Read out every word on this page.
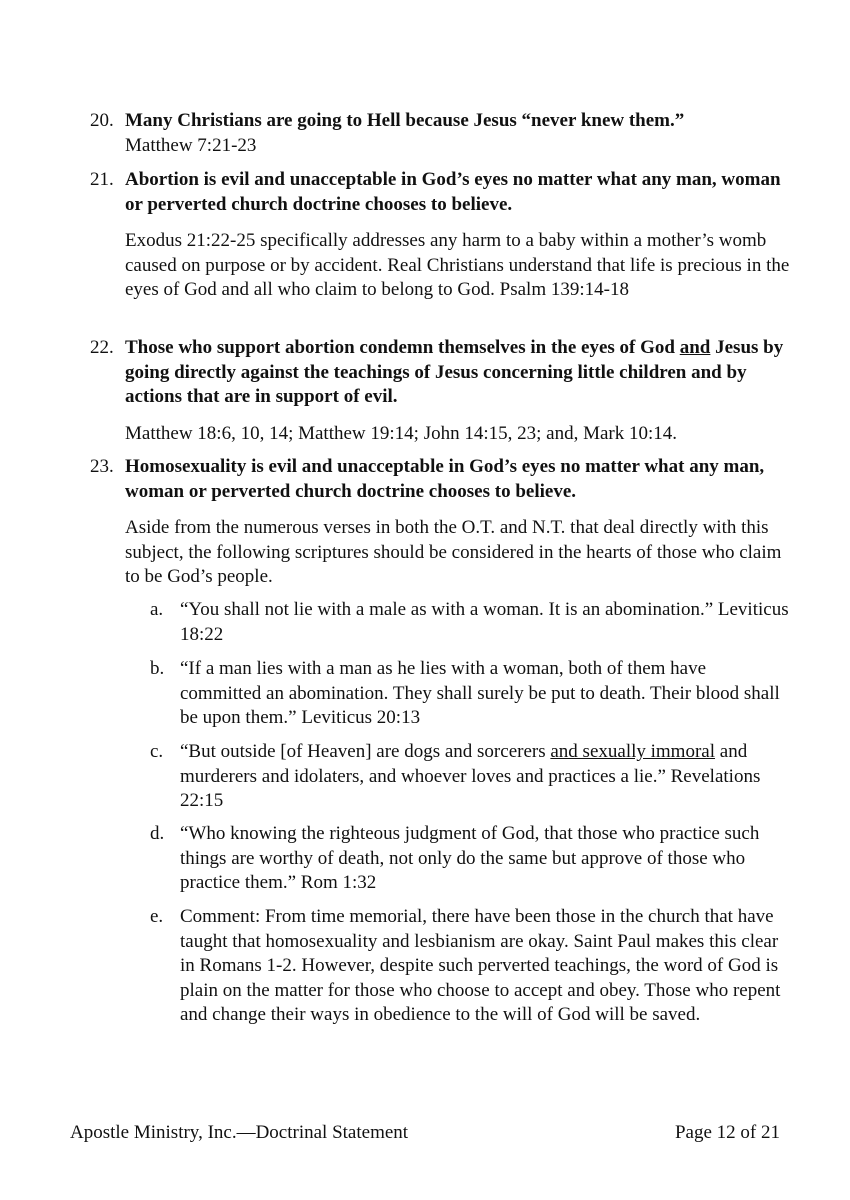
20. Many Christians are going to Hell because Jesus “never knew them.”
Matthew 7:21-23
21. Abortion is evil and unacceptable in God’s eyes no matter what any man, woman or perverted church doctrine chooses to believe.
Exodus 21:22-25 specifically addresses any harm to a baby within a mother’s womb caused on purpose or by accident. Real Christians understand that life is precious in the eyes of God and all who claim to belong to God. Psalm 139:14-18
22. Those who support abortion condemn themselves in the eyes of God and Jesus by going directly against the teachings of Jesus concerning little children and by actions that are in support of evil.
Matthew 18:6, 10, 14; Matthew 19:14; John 14:15, 23; and, Mark 10:14.
23. Homosexuality is evil and unacceptable in God’s eyes no matter what any man, woman or perverted church doctrine chooses to believe.
Aside from the numerous verses in both the O.T. and N.T. that deal directly with this subject, the following scriptures should be considered in the hearts of those who claim to be God’s people.
a. “You shall not lie with a male as with a woman. It is an abomination.” Leviticus 18:22
b. “If a man lies with a man as he lies with a woman, both of them have committed an abomination. They shall surely be put to death. Their blood shall be upon them.” Leviticus 20:13
c. “But outside [of Heaven] are dogs and sorcerers and sexually immoral and murderers and idolaters, and whoever loves and practices a lie.” Revelations 22:15
d. “Who knowing the righteous judgment of God, that those who practice such things are worthy of death, not only do the same but approve of those who practice them.” Rom 1:32
e. Comment: From time memorial, there have been those in the church that have taught that homosexuality and lesbianism are okay. Saint Paul makes this clear in Romans 1-2. However, despite such perverted teachings, the word of God is plain on the matter for those who choose to accept and obey. Those who repent and change their ways in obedience to the will of God will be saved.
Apostle Ministry, Inc.—Doctrinal Statement	Page 12 of 21
